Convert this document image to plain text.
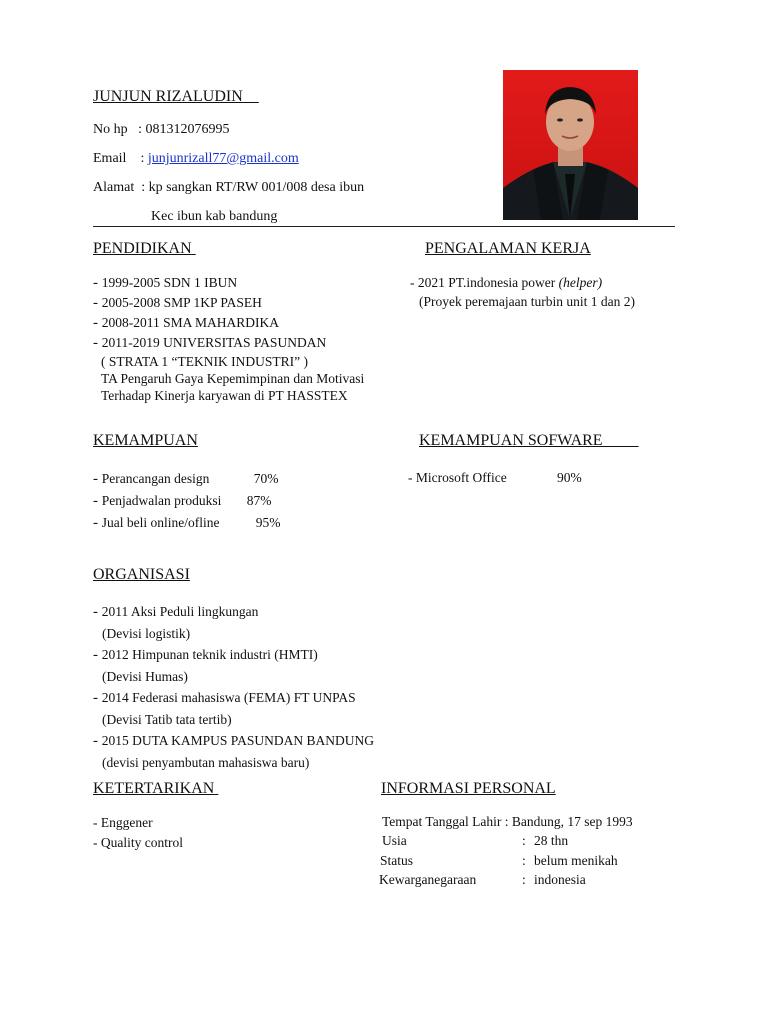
JUNJUN RIZALUDIN
No hp : 081312076995
Email : junjunrizall77@gmail.com
Alamat : kp sangkan RT/RW 001/008 desa ibun
Kec ibun kab bandung
PENDIDIKAN
- 1999-2005 SDN 1 IBUN
- 2005-2008 SMP 1KP PASEH
- 2008-2011 SMA MAHARDIKA
- 2011-2019 UNIVERSITAS PASUNDAN
( STRATA 1 “TEKNIK INDUSTRI” )
TA Pengaruh Gaya Kepemimpinan dan Motivasi
Terhadap Kinerja karyawan di PT HASSTEX
PENGALAMAN KERJA
- 2021 PT.indonesia power (helper)
(Proyek peremajaan turbin unit 1 dan 2)
KEMAMPUAN
- Perancangan design	70%
- Penjadwalan produksi 87%
- Jual beli online/ofline	95%
KEMAMPUAN SOFWARE
- Microsoft Office	90%
ORGANISASI
- 2011 Aksi Peduli lingkungan
(Devisi logistik)
- 2012 Himpunan teknik industri (HMTI)
(Devisi Humas)
- 2014 Federasi mahasiswa (FEMA) FT UNPAS
(Devisi Tatib tata tertib)
- 2015 DUTA KAMPUS PASUNDAN BANDUNG
(devisi penyambutan mahasiswa baru)
KETERTARIKAN
- Enggener
- Quality control
INFORMASI PERSONAL
Tempat Tanggal Lahir : Bandung, 17 sep 1993
Usia	: 28 thn
Status	: belum menikah
Kewarganegaraan	: indonesia
